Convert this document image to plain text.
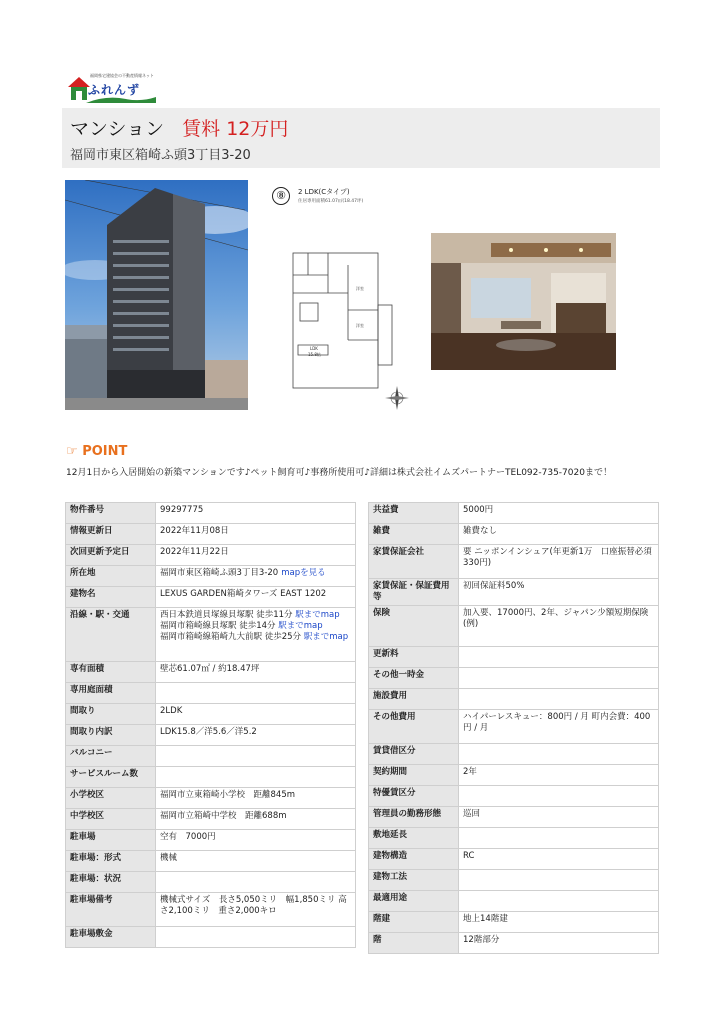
福岡県宅建協会の不動産情報ネット
ふれんず
マンション 賃料 12万円
福岡市東区箱崎ふ頭3丁目3-20
⑧	2 LDK(Cタイプ)
住居専用面積61.07㎡(18.47坪)
LDK
15.8帖
洋室
洋室
☞ POINT
12月1日から入居開始の新築マンションです♪ペット飼育可♪事務所使用可♪詳細は株式会社イムズパートナーTEL092-735-7020まで！
物件番号	99297775
情報更新日	2022年11月08日
次回更新予定日	2022年11月22日
所在地	福岡市東区箱崎ふ頭3丁目3-20 mapを見る
建物名	LEXUS GARDEN箱崎タワーズ EAST 1202
沿線・駅・交通	西日本鉄道貝塚線貝塚駅 徒歩11分 駅までmap
福岡市箱崎線貝塚駅 徒歩14分 駅までmap
福岡市箱崎線箱崎九大前駅 徒歩25分 駅までmap

専有面積	壁芯61.07㎡ / 約18.47坪
専用庭面積	
間取り	2LDK
間取り内訳	LDK15.8／洋5.6／洋5.2
バルコニー	
サービスルーム数	
小学校区	福岡市立東箱崎小学校　距離845m
中学校区	福岡市立箱崎中学校　距離688m
駐車場	空有　7000円
駐車場：形式	機械
駐車場：状況	
駐車場備考	機械式サイズ　長さ5,050ミリ　幅1,850ミリ 高さ2,100ミリ　重さ2,000キロ
駐車場敷金	
共益費	5000円
雑費	雑費なし
家賃保証会社	要 ニッポンインシュア(年更新1万　口座振替必須330円)
家賃保証・保証費用等	初回保証料50%
保険	加入要、17000円、2年、ジャパン少額短期保険(例)
更新料	
その他一時金	
施設費用	
その他費用	ハイパーレスキュー：800円 / 月 町内会費：400円 / 月
賃貸借区分	
契約期間	2年
特優賃区分	
管理員の勤務形態	巡回
敷地延長	
建物構造	RC
建物工法	
最適用途	
階建	地上14階建
階	12階部分
